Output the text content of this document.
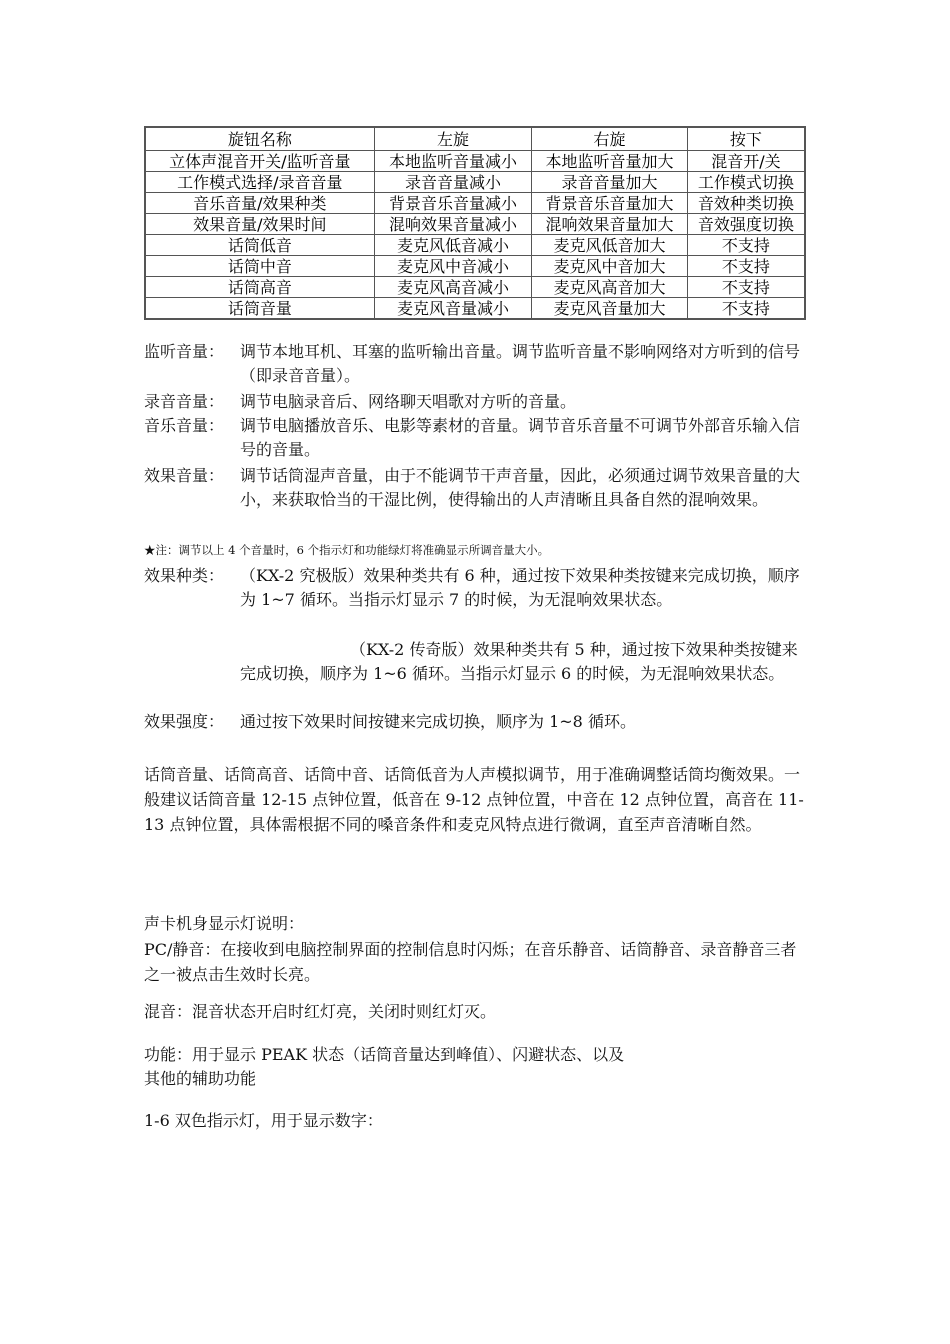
旋钮名称	左旋	右旋	按下
立体声混音开关/监听音量	本地监听音量减小	本地监听音量加大	混音开/关
工作模式选择/录音音量	录音音量减小	录音音量加大	工作模式切换
音乐音量/效果种类	背景音乐音量减小	背景音乐音量加大	音效种类切换
效果音量/效果时间	混响效果音量减小	混响效果音量加大	音效强度切换
话筒低音	麦克风低音减小	麦克风低音加大	不支持
话筒中音	麦克风中音减小	麦克风中音加大	不支持
话筒高音	麦克风高音减小	麦克风高音加大	不支持
话筒音量	麦克风音量减小	麦克风音量加大	不支持
监听音量： 调节本地耳机、耳塞的监听输出音量。调节监听音量不影响网络对方听到的信号（即录音音量）。
录音音量： 调节电脑录音后、网络聊天唱歌对方听的音量。
音乐音量： 调节电脑播放音乐、电影等素材的音量。调节音乐音量不可调节外部音乐输入信号的音量。
效果音量： 调节话筒湿声音量，由于不能调节干声音量，因此，必须通过调节效果音量的大小，来获取恰当的干湿比例，使得输出的人声清晰且具备自然的混响效果。
★注：调节以上 4 个音量时，6 个指示灯和功能绿灯将准确显示所调音量大小。
效果种类： （KX-2 究极版）效果种类共有 6 种，通过按下效果种类按键来完成切换，顺序为 1~7 循环。当指示灯显示 7 的时候，为无混响效果状态。
（KX-2 传奇版）效果种类共有 5 种，通过按下效果种类按键来完成切换，顺序为 1~6 循环。当指示灯显示 6 的时候，为无混响效果状态。
效果强度： 通过按下效果时间按键来完成切换，顺序为 1~8 循环。
话筒音量、话筒高音、话筒中音、话筒低音为人声模拟调节，用于准确调整话筒均衡效果。一般建议话筒音量 12-15 点钟位置，低音在 9-12 点钟位置，中音在 12 点钟位置，高音在 11-13 点钟位置，具体需根据不同的嗓音条件和麦克风特点进行微调，直至声音清晰自然。
声卡机身显示灯说明：
PC/静音：在接收到电脑控制界面的控制信息时闪烁；在音乐静音、话筒静音、录音静音三者之一被点击生效时长亮。
混音：混音状态开启时红灯亮，关闭时则红灯灭。
功能：用于显示 PEAK 状态（话筒音量达到峰值）、闪避状态、以及
其他的辅助功能
1-6 双色指示灯，用于显示数字：
